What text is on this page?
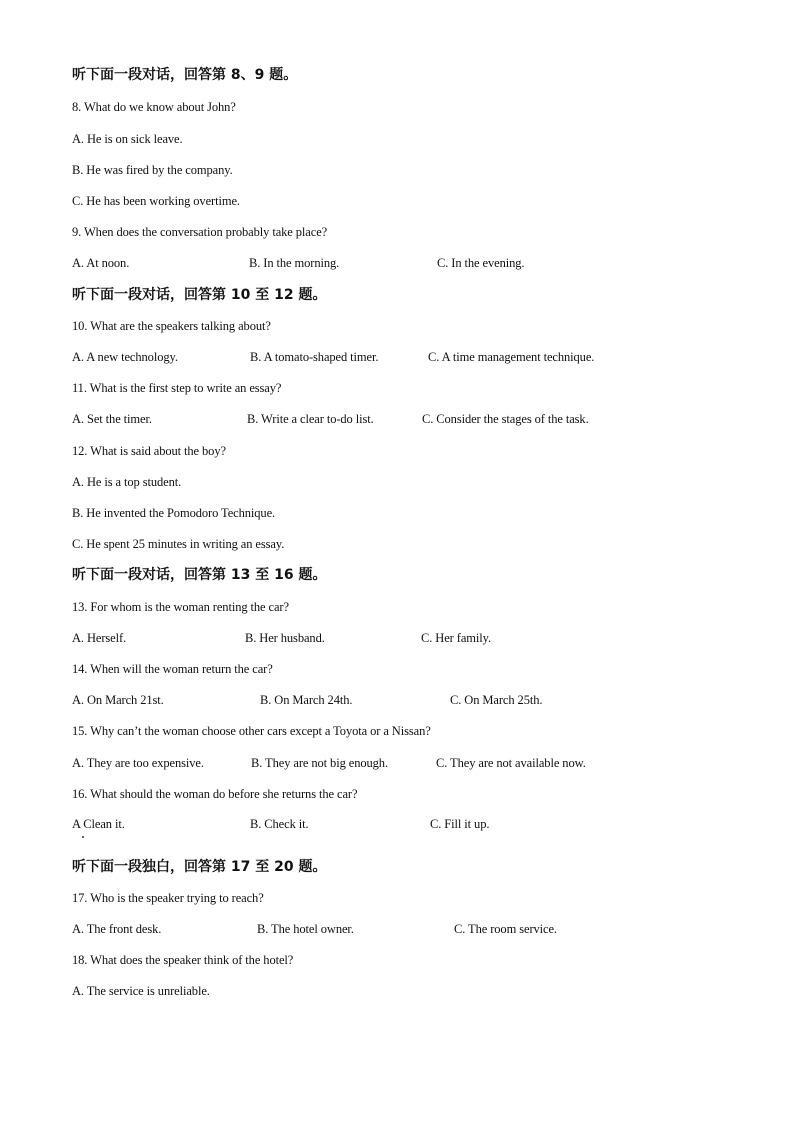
听下面一段对话，回答第 8、9 题。
8. What do we know about John?
A. He is on sick leave.
B. He was fired by the company.
C. He has been working overtime.
9. When does the conversation probably take place?
A. At noon.	B. In the morning.	C. In the evening.
听下面一段对话，回答第 10 至 12 题。
10. What are the speakers talking about?
A. A new technology.	B. A tomato-shaped timer.	C. A time management technique.
11. What is the first step to write an essay?
A. Set the timer.	B. Write a clear to-do list.	C. Consider the stages of the task.
12. What is said about the boy?
A. He is a top student.
B. He invented the Pomodoro Technique.
C. He spent 25 minutes in writing an essay.
听下面一段对话，回答第 13 至 16 题。
13. For whom is the woman renting the car?
A. Herself.	B. Her husband.	C. Her family.
14. When will the woman return the car?
A. On March 21st.	B. On March 24th.	C. On March 25th.
15. Why can’t the woman choose other cars except a Toyota or a Nissan?
A. They are too expensive.	B. They are not big enough.	C. They are not available now.
16. What should the woman do before she returns the car?
A Clean it.	B. Check it.	C. Fill it up.
听下面一段独白，回答第 17 至 20 题。
17. Who is the speaker trying to reach?
A. The front desk.	B. The hotel owner.	C. The room service.
18. What does the speaker think of the hotel?
A. The service is unreliable.
